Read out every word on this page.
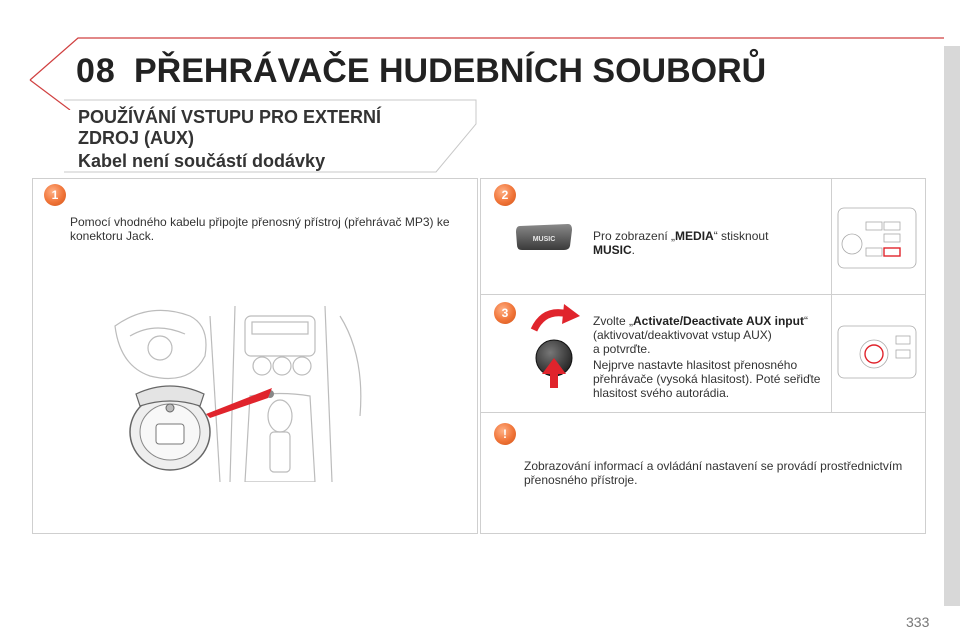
08 PŘEHRÁVAČE HUDEBNÍCH SOUBORŮ
POUŽÍVÁNÍ VSTUPU PRO EXTERNÍ
ZDROJ (AUX)
Kabel není součástí dodávky
1
Pomocí vhodného kabelu připojte přenosný přístroj (přehrávač MP3) ke konektoru Jack.
2
MUSIC	Pro zobrazení „MEDIA“ stisknout
MUSIC.
3
Zvolte „Activate/Deactivate AUX input“
(aktivovat/deaktivovat vstup AUX)
a potvrďte.
Nejprve nastavte hlasitost přenosného přehrávače (vysoká hlasitost). Poté seřiďte hlasitost svého autorádia.
!
Zobrazování informací a ovládání nastavení se provádí prostřednictvím přenosného přístroje.
333
